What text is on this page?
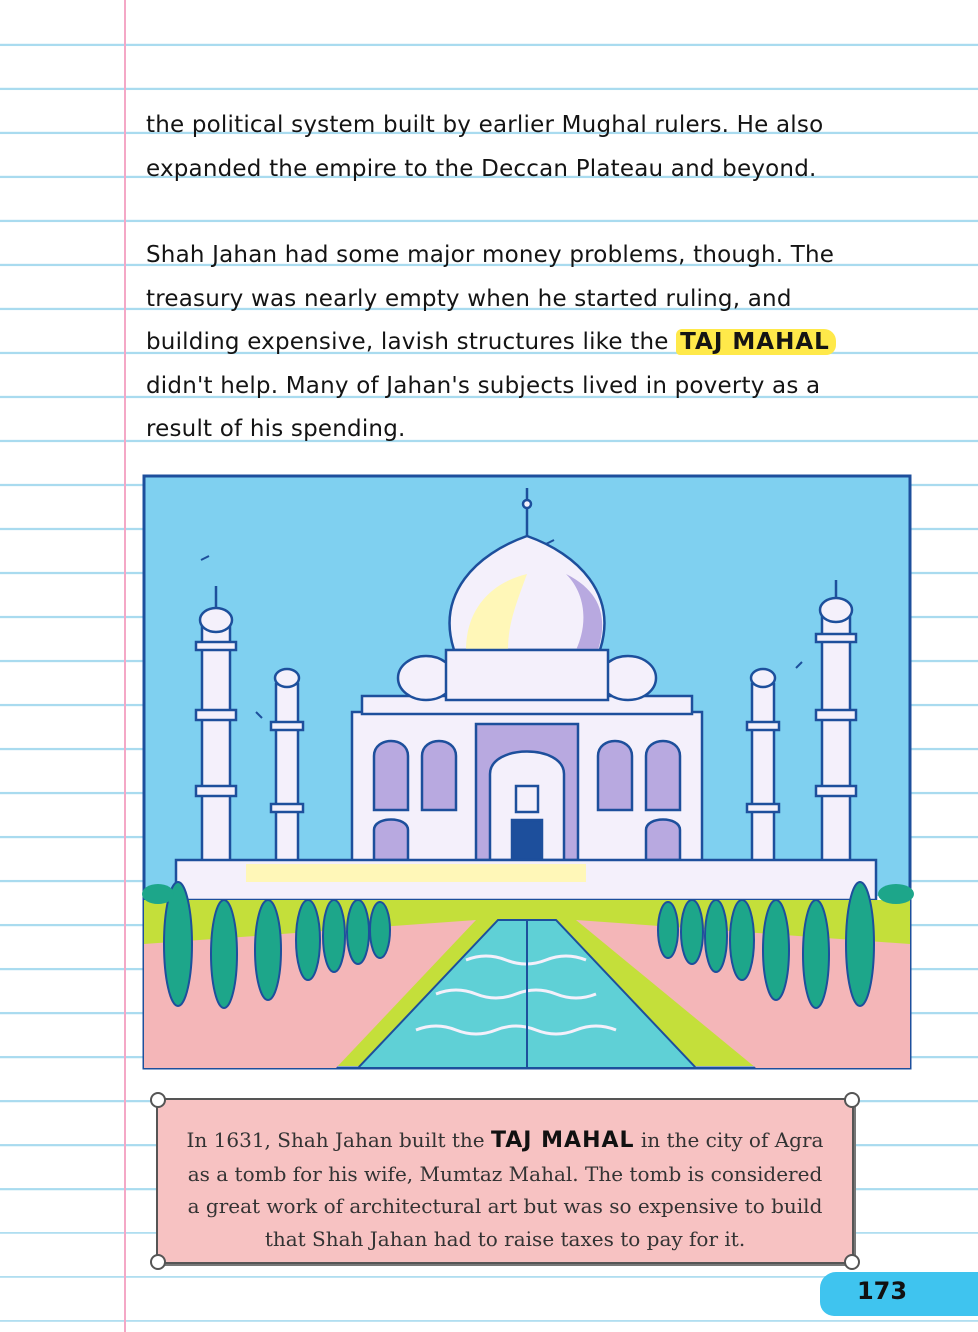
the political system built by earlier Mughal rulers. He also
expanded the empire to the Deccan Plateau and beyond.
Shah Jahan had some major money problems, though. The
treasury was nearly empty when he started ruling, and
building expensive, lavish structures like the TAJ MAHAL
didn't help. Many of Jahan's subjects lived in poverty as a
result of his spending.
In 1631, Shah Jahan built the TAJ MAHAL in the city of Agra as a tomb for his wife, Mumtaz Mahal. The tomb is considered a great work of architectural art but was so expensive to build that Shah Jahan had to raise taxes to pay for it.
173
